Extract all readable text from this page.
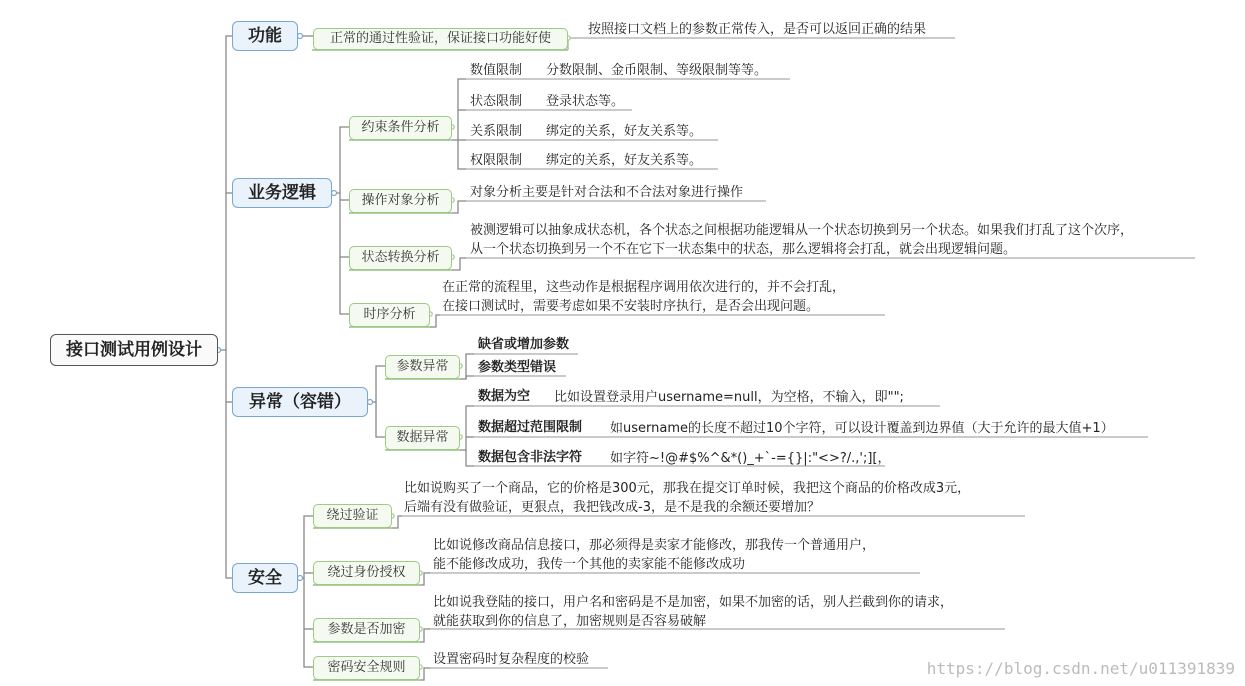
接口测试用例设计
功能	正常的通过性验证，保证接口功能好使
按照接口文档上的参数正常传入，是否可以返回正确的结果
业务逻辑
约束条件分析
数值限制 分数限制、金币限制、等级限制等等。
状态限制 登录状态等。
关系限制 绑定的关系，好友关系等。
权限限制 绑定的关系，好友关系等。
操作对象分析
对象分析主要是针对合法和不合法对象进行操作
状态转换分析
被测逻辑可以抽象成状态机，各个状态之间根据功能逻辑从一个状态切换到另一个状态。如果我们打乱了这个次序，
从一个状态切换到另一个不在它下一状态集中的状态，那么逻辑将会打乱，就会出现逻辑问题。
时序分析
在正常的流程里，这些动作是根据程序调用依次进行的，并不会打乱，
在接口测试时，需要考虑如果不安装时序执行，是否会出现问题。
异常（容错）
参数异常
缺省或增加参数
参数类型错误
数据异常
数据为空 比如设置登录用户username=null，为空格，不输入，即"";
数据超过范围限制 如username的长度不超过10个字符，可以设计覆盖到边界值（大于允许的最大值+1）
数据包含非法字符 如字符~!@#$%^&*()_+`-={}|:"<>?/.,';][，
安全
绕过验证
比如说购买了一个商品，它的价格是300元，那我在提交订单时候，我把这个商品的价格改成3元，
后端有没有做验证，更狠点，我把钱改成-3，是不是我的余额还要增加？
绕过身份授权
比如说修改商品信息接口，那必须得是卖家才能修改，那我传一个普通用户，
能不能修改成功，我传一个其他的卖家能不能修改成功
参数是否加密
比如说我登陆的接口，用户名和密码是不是加密，如果不加密的话，别人拦截到你的请求，
就能获取到你的信息了，加密规则是否容易破解
密码安全规则
设置密码时复杂程度的校验	https://blog.csdn.net/u011391839
